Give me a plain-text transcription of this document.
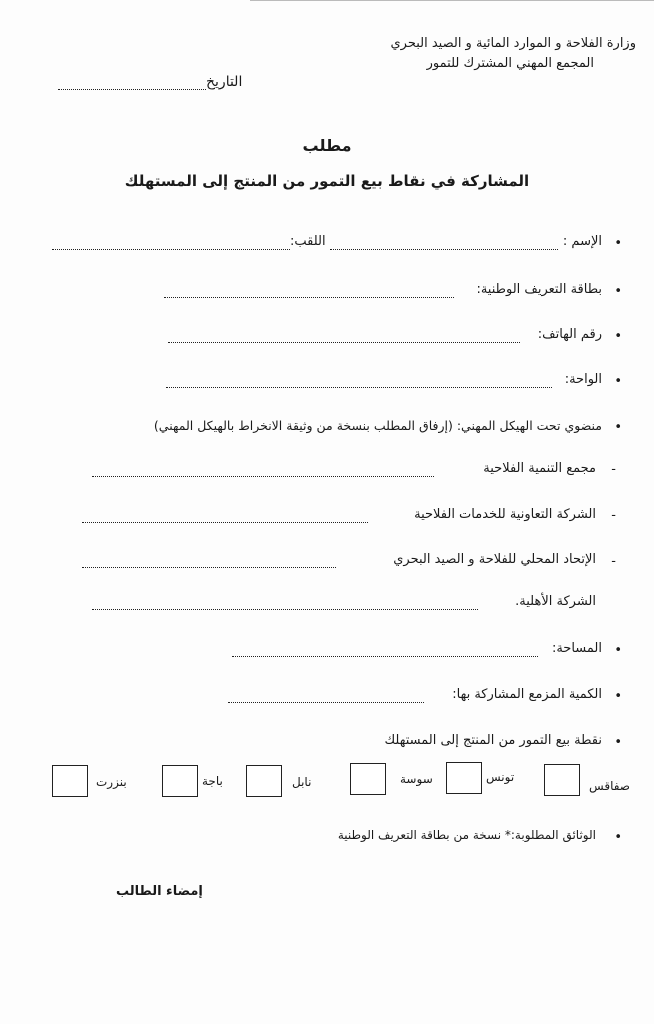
وزارة الفلاحة و الموارد المائية و الصيد البحري
المجمع المهني المشترك للتمور
التاريخ
مطلب
المشاركة في نقاط بيع التمور من المنتج إلى المستهلك
•
الإسم :
اللقب:
•
بطاقة التعريف الوطنية:
•
رقم الهاتف:
•
الواحة:
•
منضوي تحت الهيكل المهني: (إرفاق المطلب بنسخة من وثيقة الانخراط بالهيكل المهني)
-
مجمع التنمية الفلاحية
-
الشركة التعاونية للخدمات الفلاحية
-
الإتحاد المحلي للفلاحة و الصيد البحري
الشركة الأهلية.
•
المساحة:
•
الكمية المزمع المشاركة بها:
•
نقطة بيع التمور من المنتج إلى المستهلك
صفاقس
تونس
سوسة
نابل
باجة
بنزرت
•
الوثائق المطلوبة:* نسخة من بطاقة التعريف الوطنية
إمضاء الطالب
